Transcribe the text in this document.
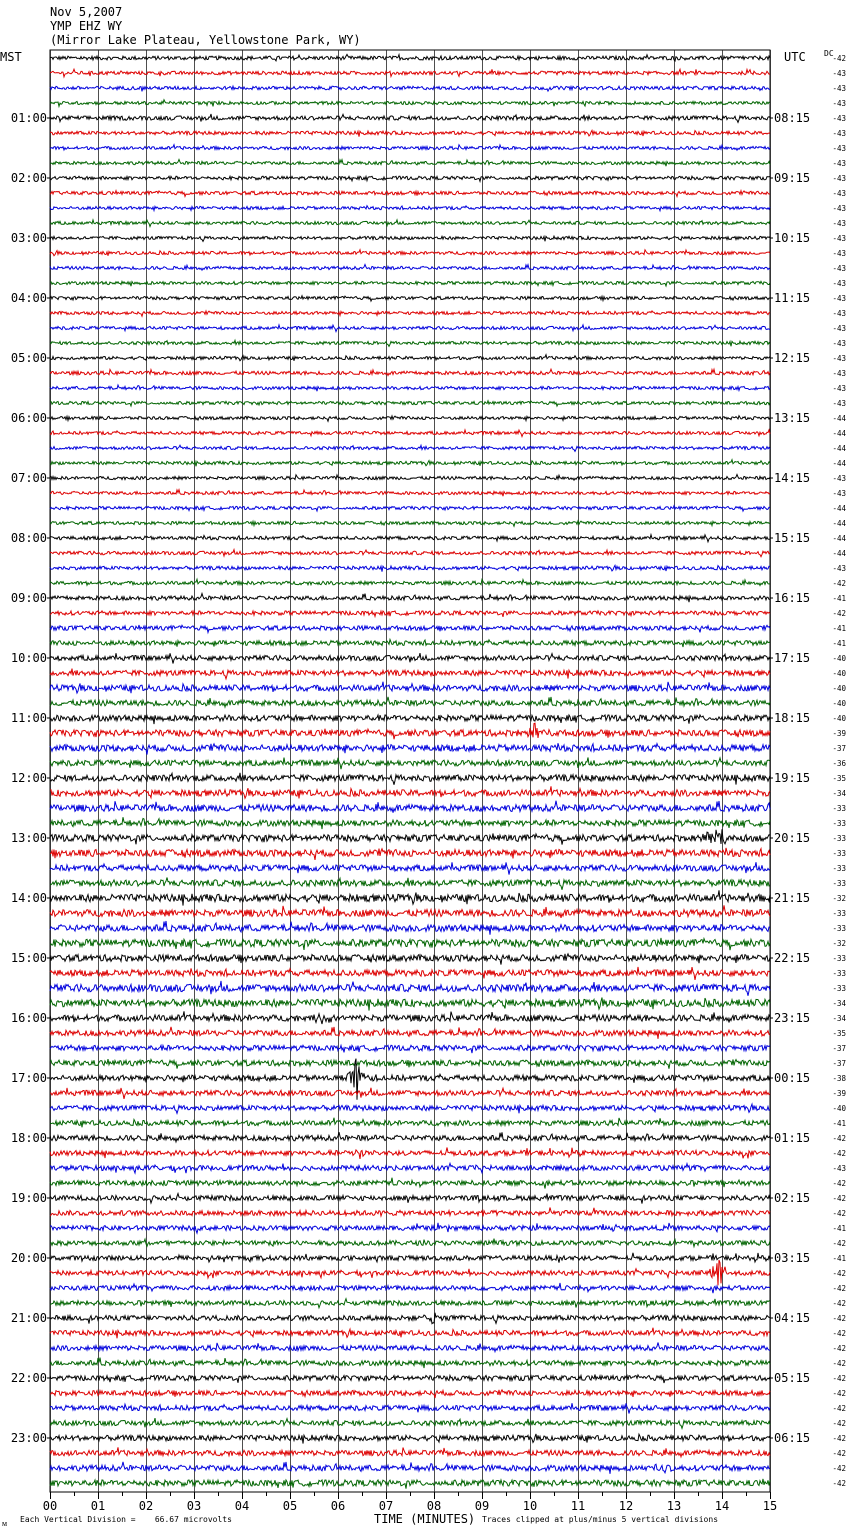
00	01	02	03	04	05	06	07	08	09	10	11	12	13	14	15
-42
-43
-43
-43
-43
-43
-43
-43
-43
-43
-43
-43
-43
-43
-43
-43
-43
-43
-43
-43
-43
-43
-43
-43
-44
-44
-44
-44
-43
-43
-44
-44
-44
-44
-43
-42
-41
-42
-41
-41
-40
-40
-40
-40
-40
-39
-37
-36
-35
-34
-33
-33
-33
-33
-33
-33
-32
-33
-33
-32
-33
-33
-33
-34
-34
-35
-37
-37
-38
-39
-40
-41
-42
-42
-43
-42
-42
-42
-41
-42
-41
-42
-42
-42
-42
-42
-42
-42
-42
-42
-42
-42
-42
-42
-42
-42
01:00
02:00
03:00
04:00
05:00
06:00
07:00
08:00
09:00
10:00
11:00
12:00
13:00
14:00
15:00
16:00
17:00
18:00
19:00
20:00
21:00
22:00
23:00
08:15
09:15
10:15
11:15
12:15
13:15
14:15
15:15
16:15
17:15
18:15
19:15
20:15
21:15
22:15
23:15
00:15
01:15
02:15
03:15
04:15
05:15
06:15
Nov 5,2007
YMP EHZ WY
(Mirror Lake Plateau, Yellowstone Park, WY)
MST	UTC DC
Each Vertical Division =    66.67 microvolts	TIME (MINUTES) Traces clipped at plus/minus 5 vertical divisions
ᴍ
